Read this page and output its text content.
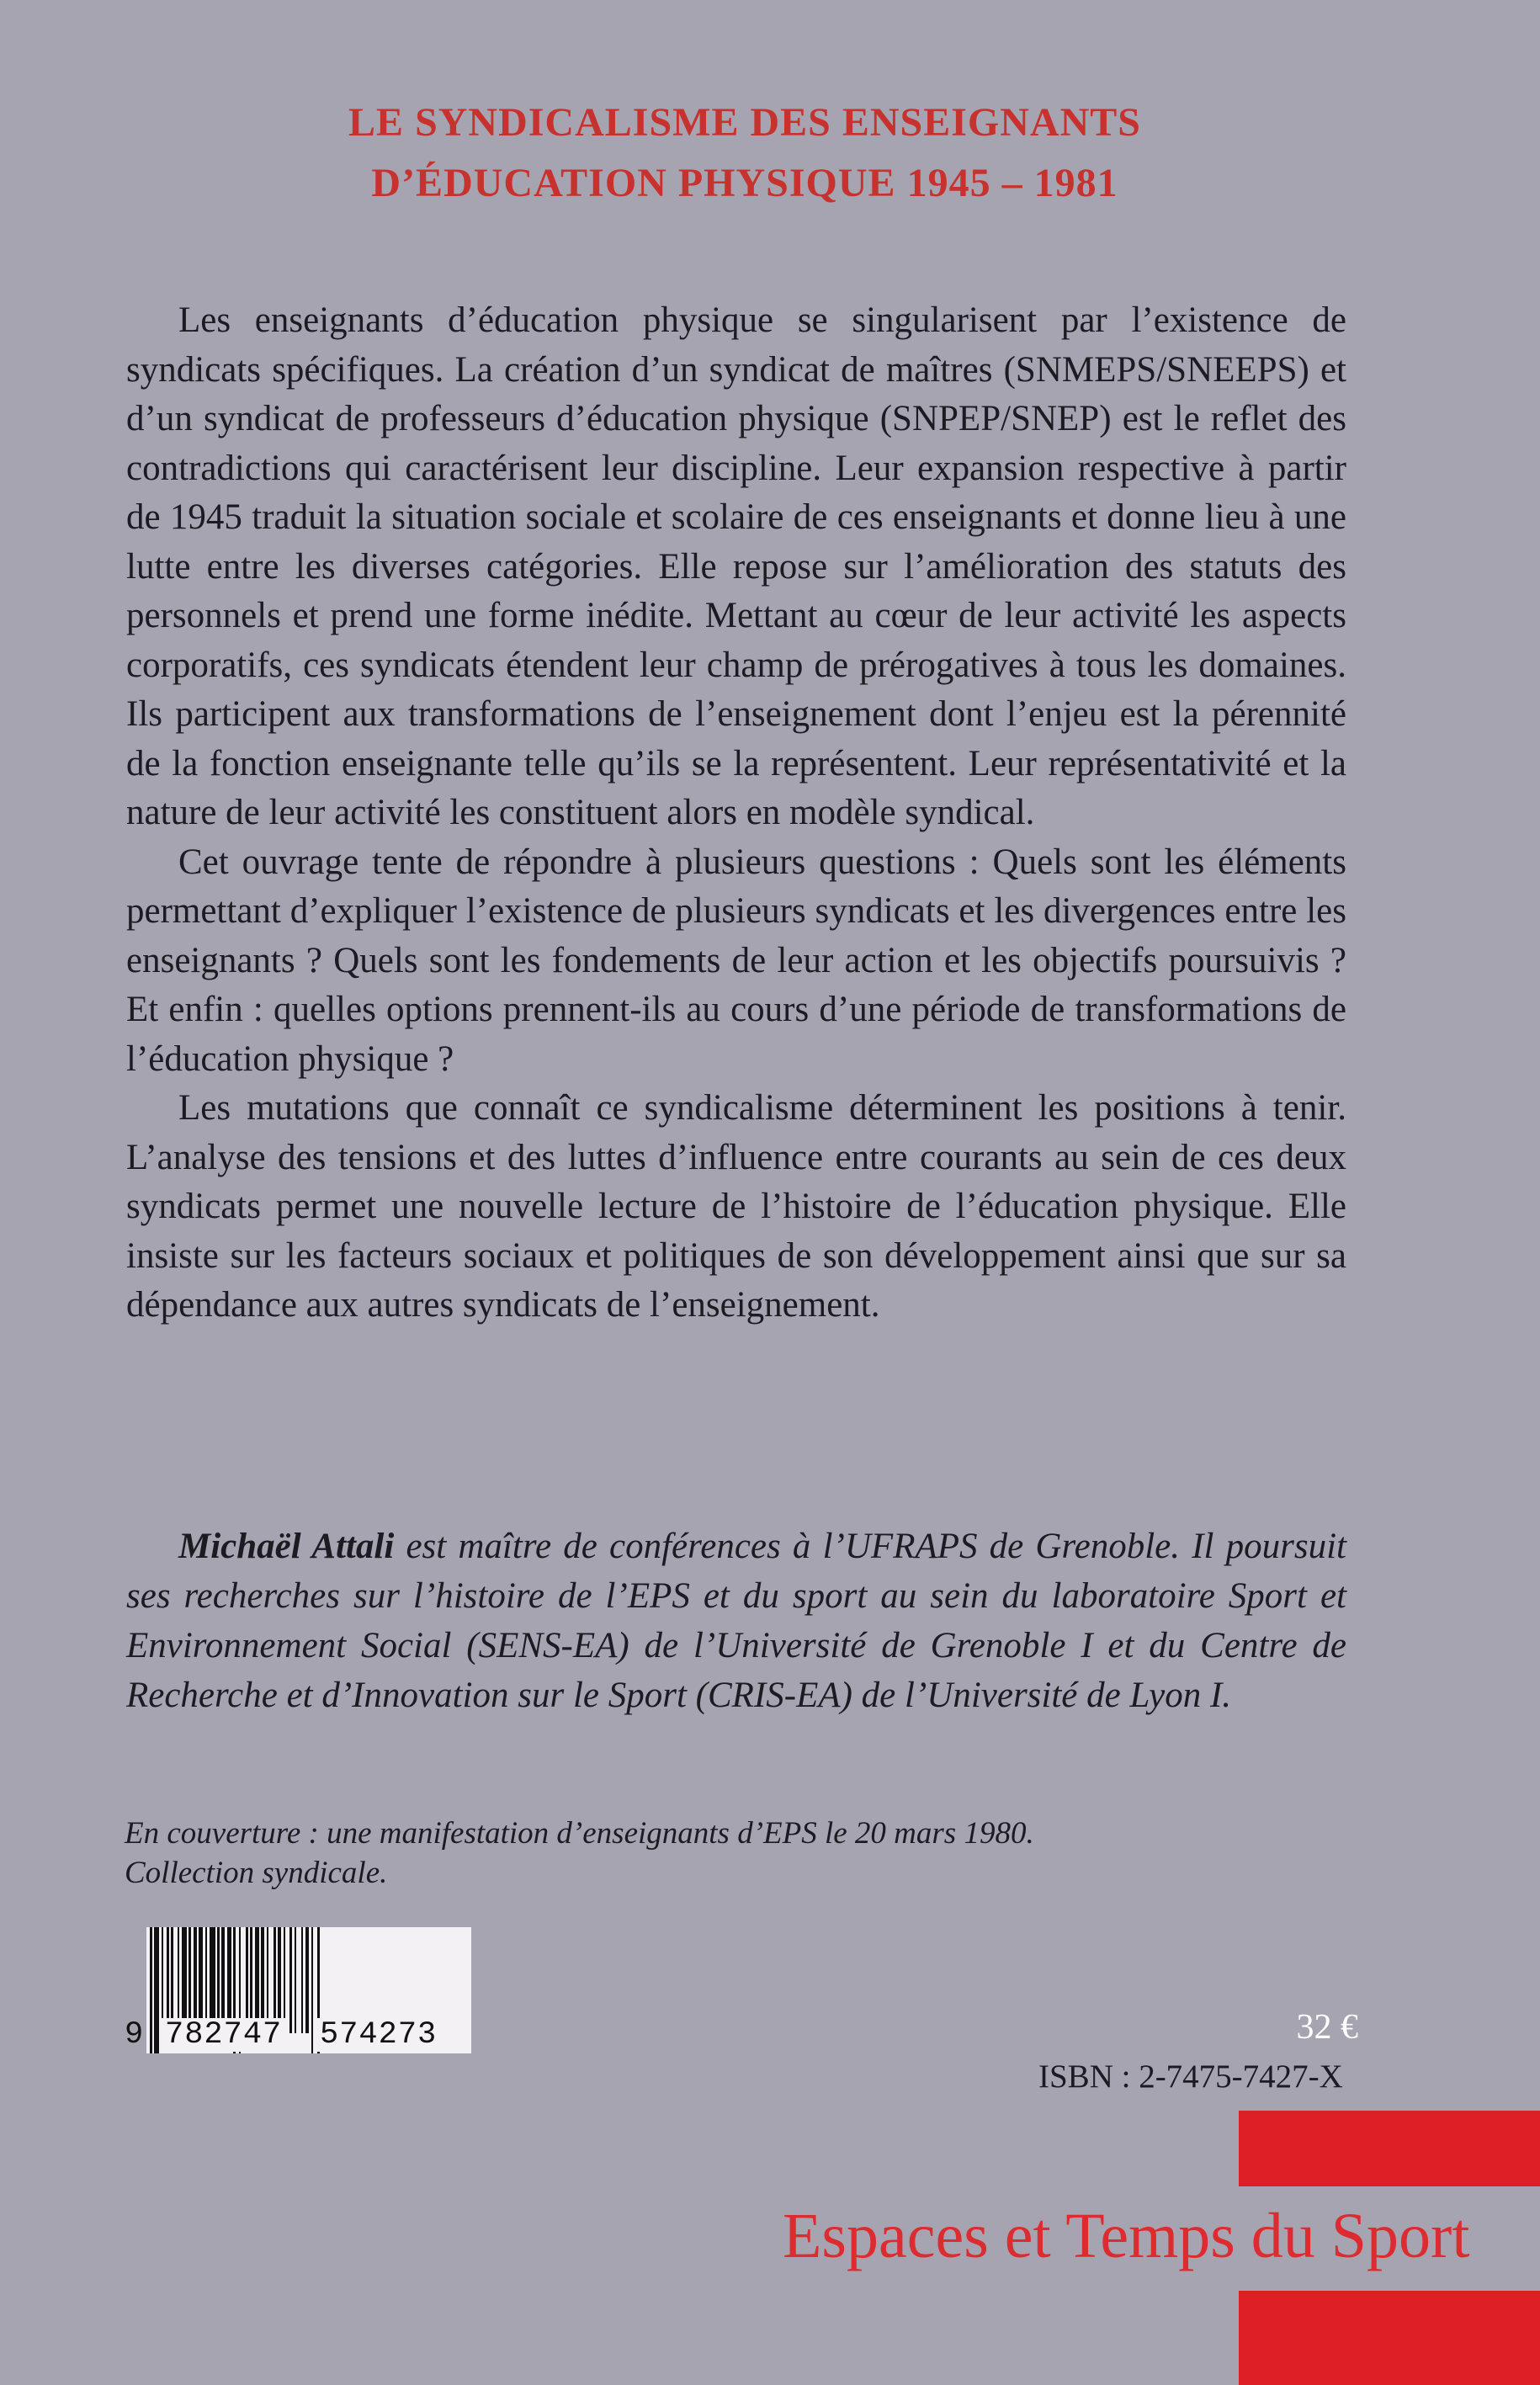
LE SYNDICALISME DES ENSEIGNANTS
D’ÉDUCATION PHYSIQUE 1945 – 1981

Les enseignants d’éducation physique se singularisent par l’existence de syndicats spécifiques. La création d’un syndicat de maîtres (SNMEPS/SNEEPS) et d’un syndicat de professeurs d’éducation physique (SNPEP/SNEP) est le reflet des contradictions qui caractérisent leur discipline. Leur expansion respective à partir de 1945 traduit la situation sociale et scolaire de ces enseignants et donne lieu à une lutte entre les diverses catégories. Elle repose sur l’amélioration des statuts des personnels et prend une forme inédite. Mettant au cœur de leur activité les aspects corporatifs, ces syndicats étendent leur champ de prérogatives à tous les domaines. Ils participent aux transformations de l’enseignement dont l’enjeu est la pérennité de la fonction enseignante telle qu’ils se la représentent. Leur représentativité et la nature de leur activité les constituent alors en modèle syndical.

Cet ouvrage tente de répondre à plusieurs questions : Quels sont les éléments permettant d’expliquer l’existence de plusieurs syndicats et les divergences entre les enseignants ? Quels sont les fondements de leur action et les objectifs poursuivis ? Et enfin : quelles options prennent-ils au cours d’une période de transformations de l’éducation physique ?

Les mutations que connaît ce syndicalisme déterminent les positions à tenir. L’analyse des tensions et des luttes d’influence entre courants au sein de ces deux syndicats permet une nouvelle lecture de l’histoire de l’éducation physique. Elle insiste sur les facteurs sociaux et politiques de son développement ainsi que sur sa dépendance aux autres syndicats de l’enseignement.

Michaël Attali est maître de conférences à l’UFRAPS de Grenoble. Il poursuit ses recherches sur l’histoire de l’EPS et du sport au sein du laboratoire Sport et Environnement Social (SENS-EA) de l’Université de Grenoble I et du Centre de Recherche et d’Innovation sur le Sport (CRIS-EA) de l’Université de Lyon I.
En couverture : une manifestation d’enseignants d’EPS le 20 mars 1980.
Collection syndicale.
9 782747 574273	32 €
ISBN : 2-7475-7427-X
Espaces et Temps du Sport
